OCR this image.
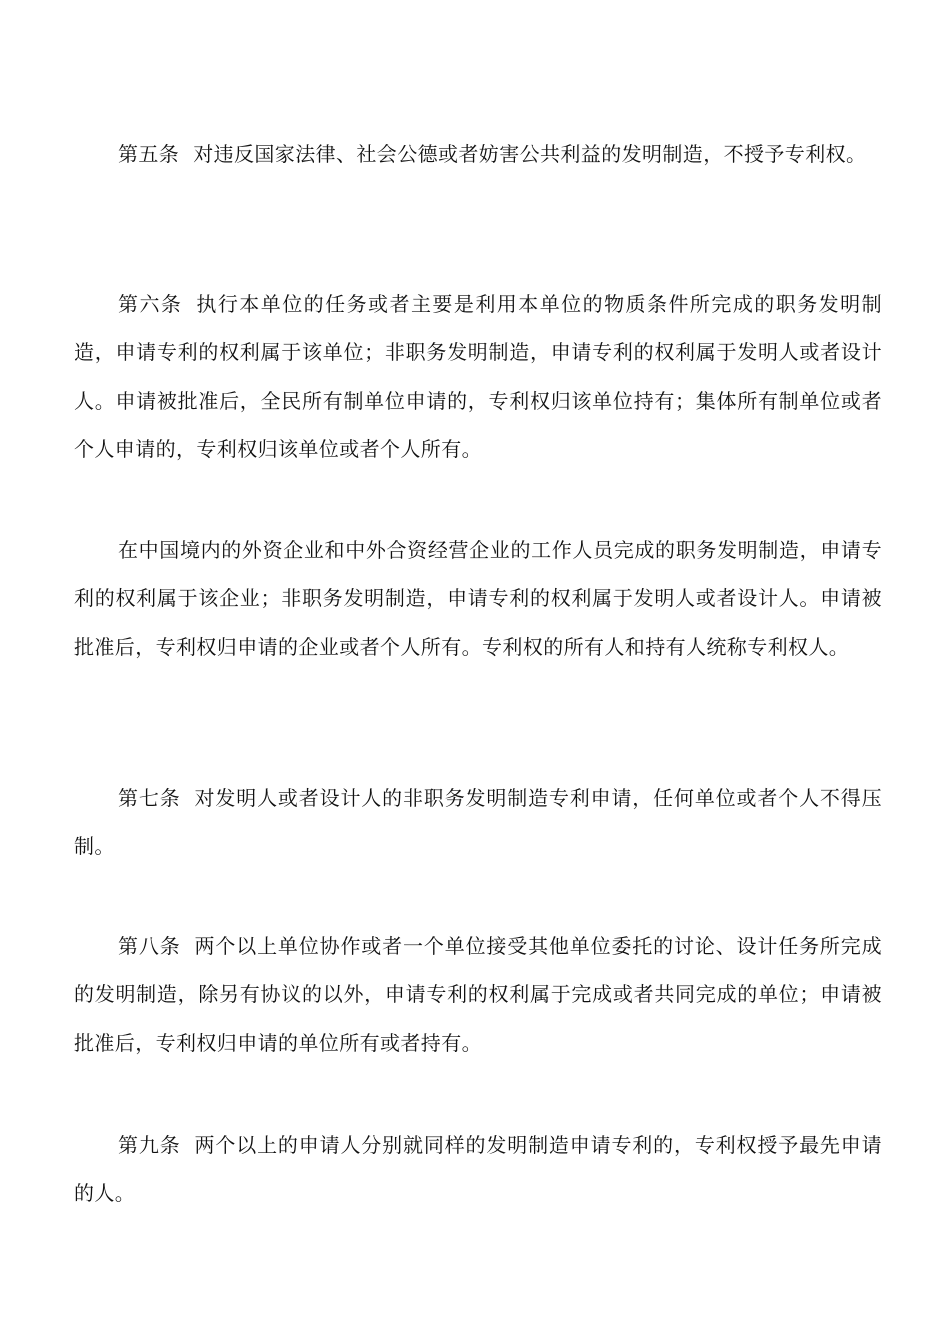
第五条 对违反国家法律、社会公德或者妨害公共利益的发明制造，不授予专利权。

第六条 执行本单位的任务或者主要是利用本单位的物质条件所完成的职务发明制造，申请专利的权利属于该单位；非职务发明制造，申请专利的权利属于发明人或者设计人。申请被批准后，全民所有制单位申请的，专利权归该单位持有；集体所有制单位或者个人申请的，专利权归该单位或者个人所有。

在中国境内的外资企业和中外合资经营企业的工作人员完成的职务发明制造，申请专利的权利属于该企业；非职务发明制造，申请专利的权利属于发明人或者设计人。申请被批准后，专利权归申请的企业或者个人所有。专利权的所有人和持有人统称专利权人。

第七条 对发明人或者设计人的非职务发明制造专利申请，任何单位或者个人不得压制。

第八条 两个以上单位协作或者一个单位接受其他单位委托的讨论、设计任务所完成的发明制造，除另有协议的以外，申请专利的权利属于完成或者共同完成的单位；申请被批准后，专利权归申请的单位所有或者持有。

第九条 两个以上的申请人分别就同样的发明制造申请专利的，专利权授予最先申请的人。
